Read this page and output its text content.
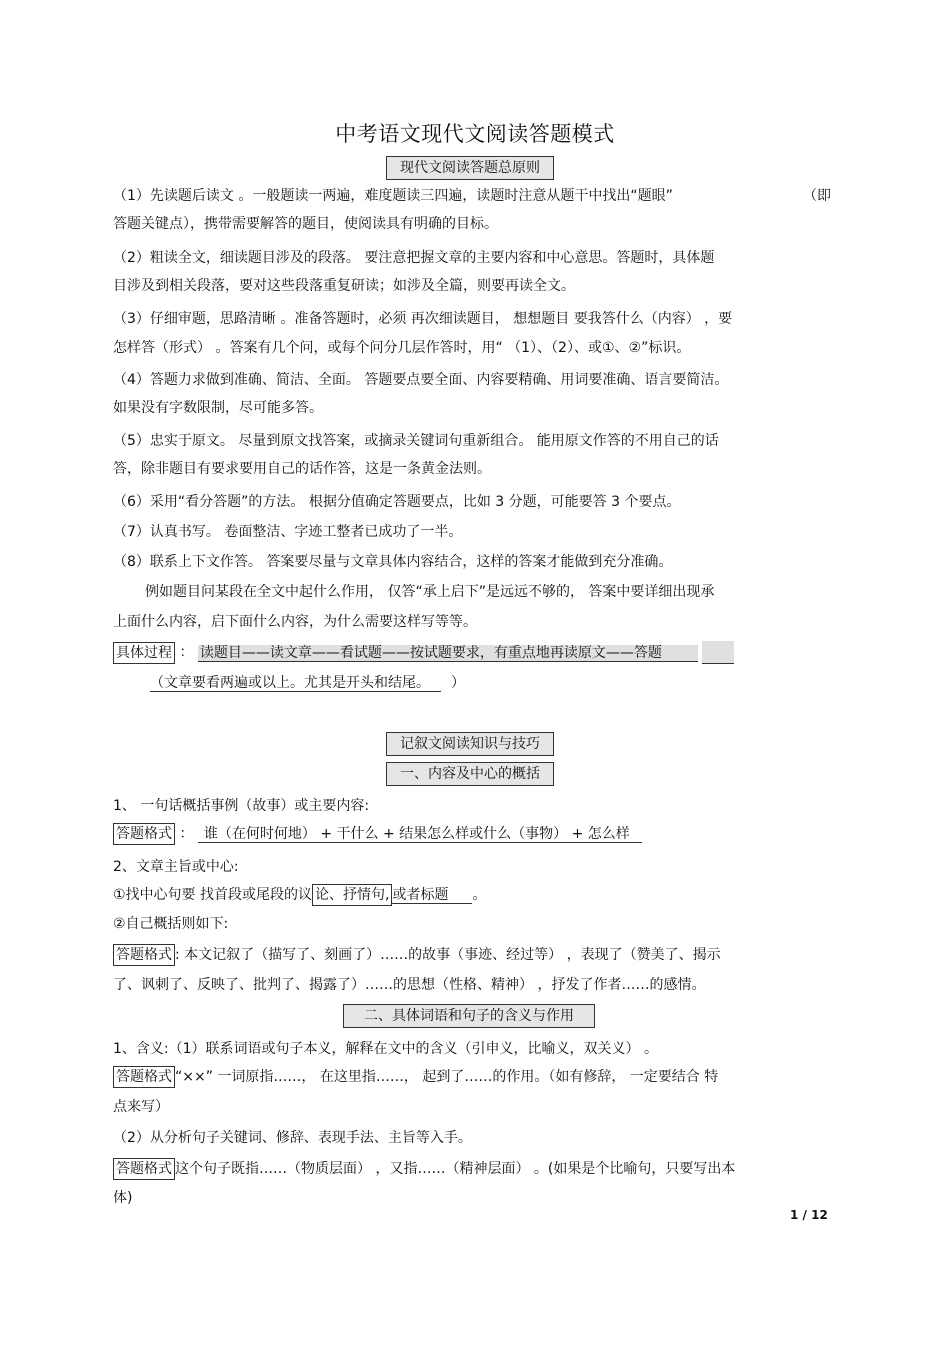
中考语文现代文阅读答题模式
现代文阅读答题总原则
（1）先读题后读文 。一般题读一两遍，难度题读三四遍，读题时注意从题干中找出“题眼”	（即
答题关键点），携带需要解答的题目，使阅读具有明确的目标。
（2）粗读全文，细读题目涉及的段落。 要注意把握文章的主要内容和中心意思。答题时，具体题
目涉及到相关段落，要对这些段落重复研读；如涉及全篇，则要再读全文。
（3）仔细审题，思路清晰 。准备答题时，必须 再次细读题目， 想想题目 要我答什么（内容） ，要
怎样答（形式） 。答案有几个问，或每个问分几层作答时，用“ （1）、（2）、或①、②”标识。
（4）答题力求做到准确、简洁、全面。 答题要点要全面、内容要精确、用词要准确、语言要简洁。
如果没有字数限制，尽可能多答。
（5）忠实于原文。 尽量到原文找答案，或摘录关键词句重新组合。 能用原文作答的不用自己的话
答，除非题目有要求要用自己的话作答，这是一条黄金法则。
（6）采用“看分答题”的方法。 根据分值确定答题要点，比如 3 分题，可能要答 3 个要点。
（7）认真书写。 卷面整洁、字迹工整者已成功了一半。
（8）联系上下文作答。 答案要尽量与文章具体内容结合，这样的答案才能做到充分准确。
例如题目问某段在全文中起什么作用， 仅答“承上启下”是远远不够的， 答案中要详细出现承
上面什么内容，启下面什么内容，为什么需要这样写等等。
具体过程 ： 读题目——读文章——看试题——按试题要求，有重点地再读原文——答题
（文章要看两遍或以上。尤其是开头和结尾。 ）
记叙文阅读知识与技巧
一、内容及中心的概括
1、 一句话概括事例（故事）或主要内容:
答题格式 ： 谁（在何时何地） + 干什么 + 结果怎么样或什么（事物） + 怎么样
2、文章主旨或中心:
①找中心句要 找首段或尾段的议 论、抒情句, 或者标题 。
②自己概括则如下:
答题格式 : 本文记叙了（描写了、刻画了）……的故事（事迹、经过等） ，表现了（赞美了、揭示
了、讽刺了、反映了、批判了、揭露了）……的思想（性格、精神） ，抒发了作者……的感情。
二、具体词语和句子的含义与作用
1、含义:（1）联系词语或句子本义，解释在文中的含义（引申义，比喻义，双关义） 。
答题格式 “××” 一词原指……， 在这里指……， 起到了……的作用。（如有修辞， 一定要结合 特
点来写）
（2）从分析句子关键词、修辞、表现手法、主旨等入手。
答题格式 这个句子既指……（物质层面） ，又指……（精神层面） 。(如果是个比喻句，只要写出本
体)
1 / 12
